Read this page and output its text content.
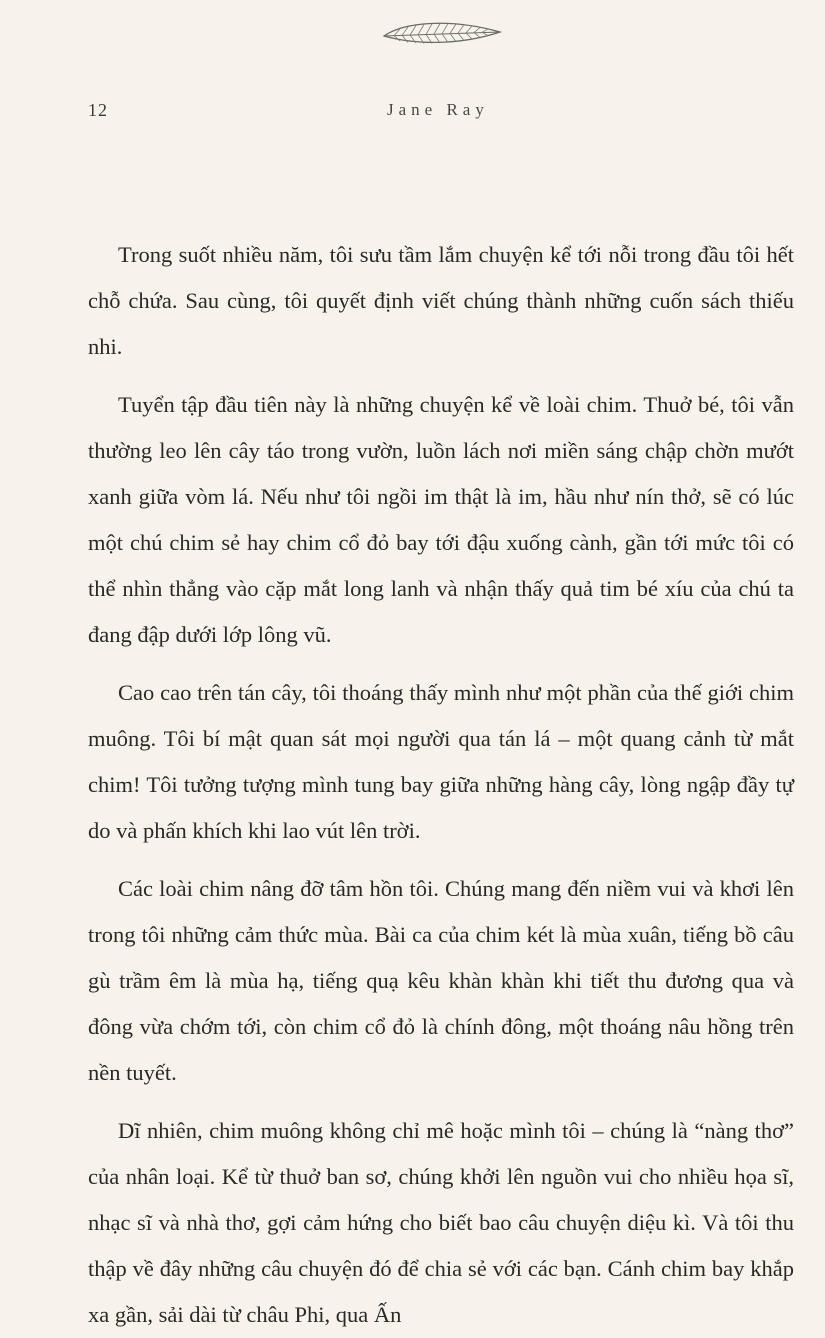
12	Jane Ray

Trong suốt nhiều năm, tôi sưu tầm lắm chuyện kể tới nỗi trong đầu tôi hết chỗ chứa. Sau cùng, tôi quyết định viết chúng thành những cuốn sách thiếu nhi.

Tuyển tập đầu tiên này là những chuyện kể về loài chim. Thuở bé, tôi vẫn thường leo lên cây táo trong vườn, luồn lách nơi miền sáng chập chờn mướt xanh giữa vòm lá. Nếu như tôi ngồi im thật là im, hầu như nín thở, sẽ có lúc một chú chim sẻ hay chim cổ đỏ bay tới đậu xuống cành, gần tới mức tôi có thể nhìn thẳng vào cặp mắt long lanh và nhận thấy quả tim bé xíu của chú ta đang đập dưới lớp lông vũ.

Cao cao trên tán cây, tôi thoáng thấy mình như một phần của thế giới chim muông. Tôi bí mật quan sát mọi người qua tán lá – một quang cảnh từ mắt chim! Tôi tưởng tượng mình tung bay giữa những hàng cây, lòng ngập đầy tự do và phấn khích khi lao vút lên trời.

Các loài chim nâng đỡ tâm hồn tôi. Chúng mang đến niềm vui và khơi lên trong tôi những cảm thức mùa. Bài ca của chim két là mùa xuân, tiếng bồ câu gù trầm êm là mùa hạ, tiếng quạ kêu khàn khàn khi tiết thu đương qua và đông vừa chớm tới, còn chim cổ đỏ là chính đông, một thoáng nâu hồng trên nền tuyết.

Dĩ nhiên, chim muông không chỉ mê hoặc mình tôi – chúng là “nàng thơ” của nhân loại. Kể từ thuở ban sơ, chúng khởi lên nguồn vui cho nhiều họa sĩ, nhạc sĩ và nhà thơ, gợi cảm hứng cho biết bao câu chuyện diệu kì. Và tôi thu thập về đây những câu chuyện đó để chia sẻ với các bạn. Cánh chim bay khắp xa gần, sải dài từ châu Phi, qua Ấn
